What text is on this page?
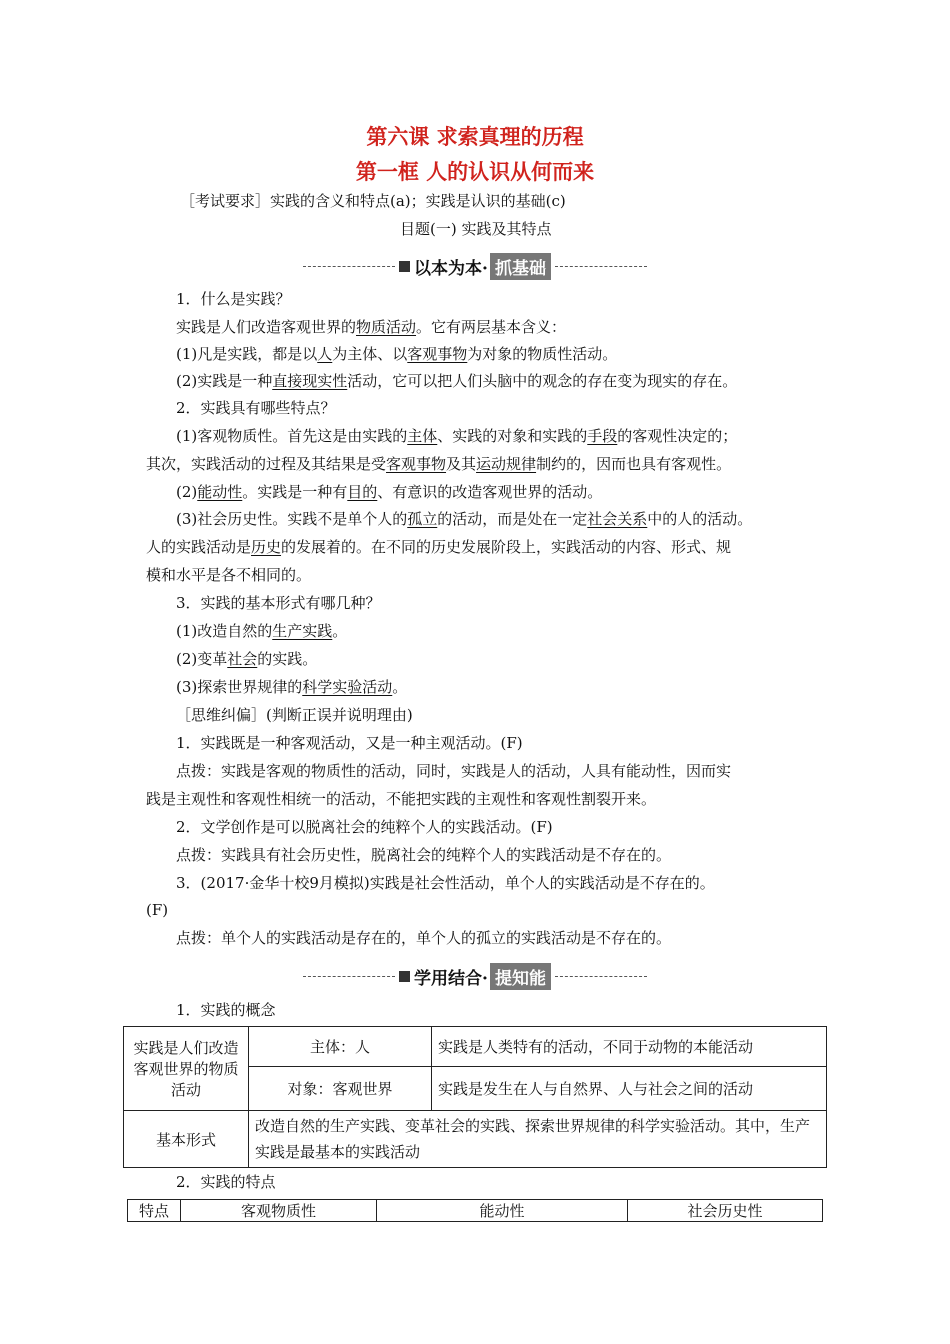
第六课 求索真理的历程
第一框 人的认识从何而来
［考试要求］实践的含义和特点(a)；实践是认识的基础(c)
目题(一) 实践及其特点
以本为本· 抓基础
1．什么是实践？
实践是人们改造客观世界的物质活动。它有两层基本含义：
(1)凡是实践，都是以人为主体、以客观事物为对象的物质性活动。
(2)实践是一种直接现实性活动，它可以把人们头脑中的观念的存在变为现实的存在。
2．实践具有哪些特点？
(1)客观物质性。首先这是由实践的主体、实践的对象和实践的手段的客观性决定的；
其次，实践活动的过程及其结果是受客观事物及其运动规律制约的，因而也具有客观性。
(2)能动性。实践是一种有目的、有意识的改造客观世界的活动。
(3)社会历史性。实践不是单个人的孤立的活动，而是处在一定社会关系中的人的活动。
人的实践活动是历史的发展着的。在不同的历史发展阶段上，实践活动的内容、形式、规
模和水平是各不相同的。
3．实践的基本形式有哪几种？
(1)改造自然的生产实践。
(2)变革社会的实践。
(3)探索世界规律的科学实验活动。
［思维纠偏］(判断正误并说明理由)
1．实践既是一种客观活动，又是一种主观活动。(F)
点拨：实践是客观的物质性的活动，同时，实践是人的活动，人具有能动性，因而实
践是主观性和客观性相统一的活动，不能把实践的主观性和客观性割裂开来。
2．文学创作是可以脱离社会的纯粹个人的实践活动。(F)
点拨：实践具有社会历史性，脱离社会的纯粹个人的实践活动是不存在的。
3．(2017·金华十校9月模拟)实践是社会性活动，单个人的实践活动是不存在的。
(F)
点拨：单个人的实践活动是存在的，单个人的孤立的实践活动是不存在的。
学用结合· 提知能
1．实践的概念
实践是人们改造客观世界的物质活动	主体：人	实践是人类特有的活动，不同于动物的本能活动
	对象：客观世界	实践是发生在人与自然界、人与社会之间的活动
基本形式	改造自然的生产实践、变革社会的实践、探索世界规律的科学实验活动。其中，生产实践是最基本的实践活动	
2．实践的特点
特点	客观物质性	能动性	社会历史性
